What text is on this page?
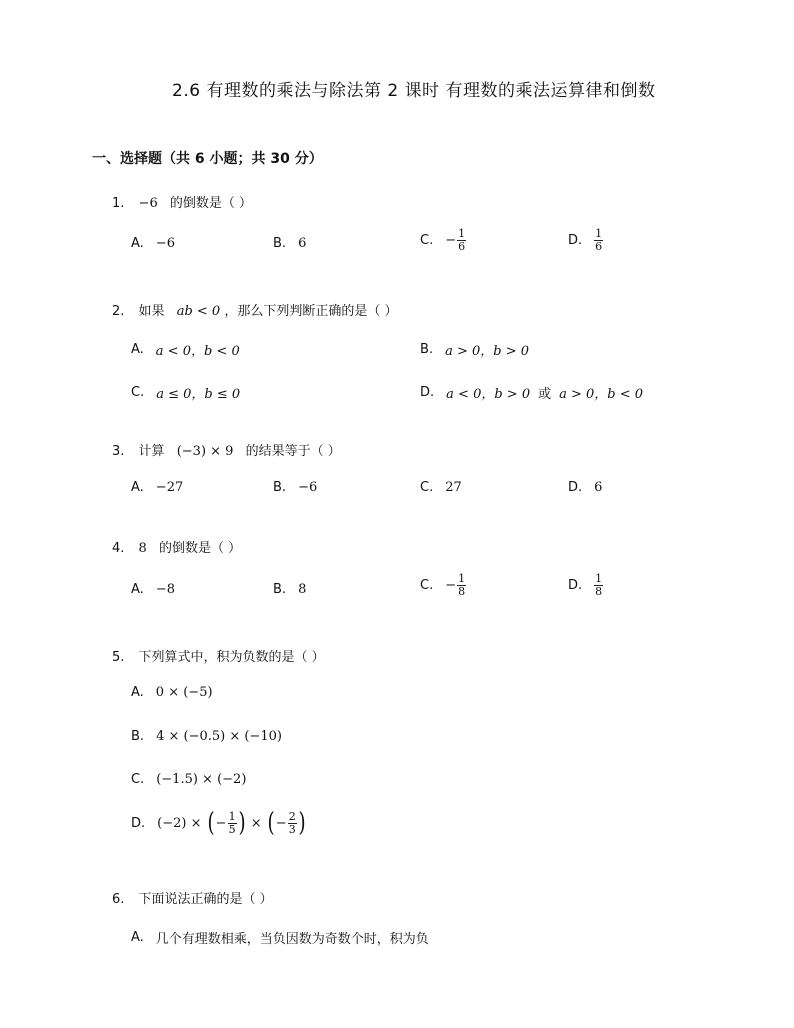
2.6 有理数的乘法与除法第 2 课时 有理数的乘法运算律和倒数
一、选择题（共 6 小题；共 30 分）
1. −6 的倒数是（ ）
A. −6	B. 6	C. − $\frac{1}{6}$	D. $\frac{1}{6}$
2. 如果 ab < 0 ，那么下列判断正确的是（ ）
A. a < 0，b < 0	B. a > 0，b > 0
C. a ≤ 0，b ≤ 0	D. a < 0，b > 0 或 a > 0，b < 0
3. 计算 (−3) × 9 的结果等于（ ）
A. −27	B. −6	C. 27	D. 6
4. 8 的倒数是（ ）
A. −8	B. 8	C. − $\frac{1}{8}$	D. $\frac{1}{8}$
5. 下列算式中，积为负数的是（ ）
A. 0 × (−5)
B. 4 × (−0.5) × (−10)
C. (−1.5) × (−2)
D. (−2) × ( − $\frac{1}{5}$ ) × ( − $\frac{2}{3}$ )
6. 下面说法正确的是（ ）
A. 几个有理数相乘，当负因数为奇数个时，积为负
